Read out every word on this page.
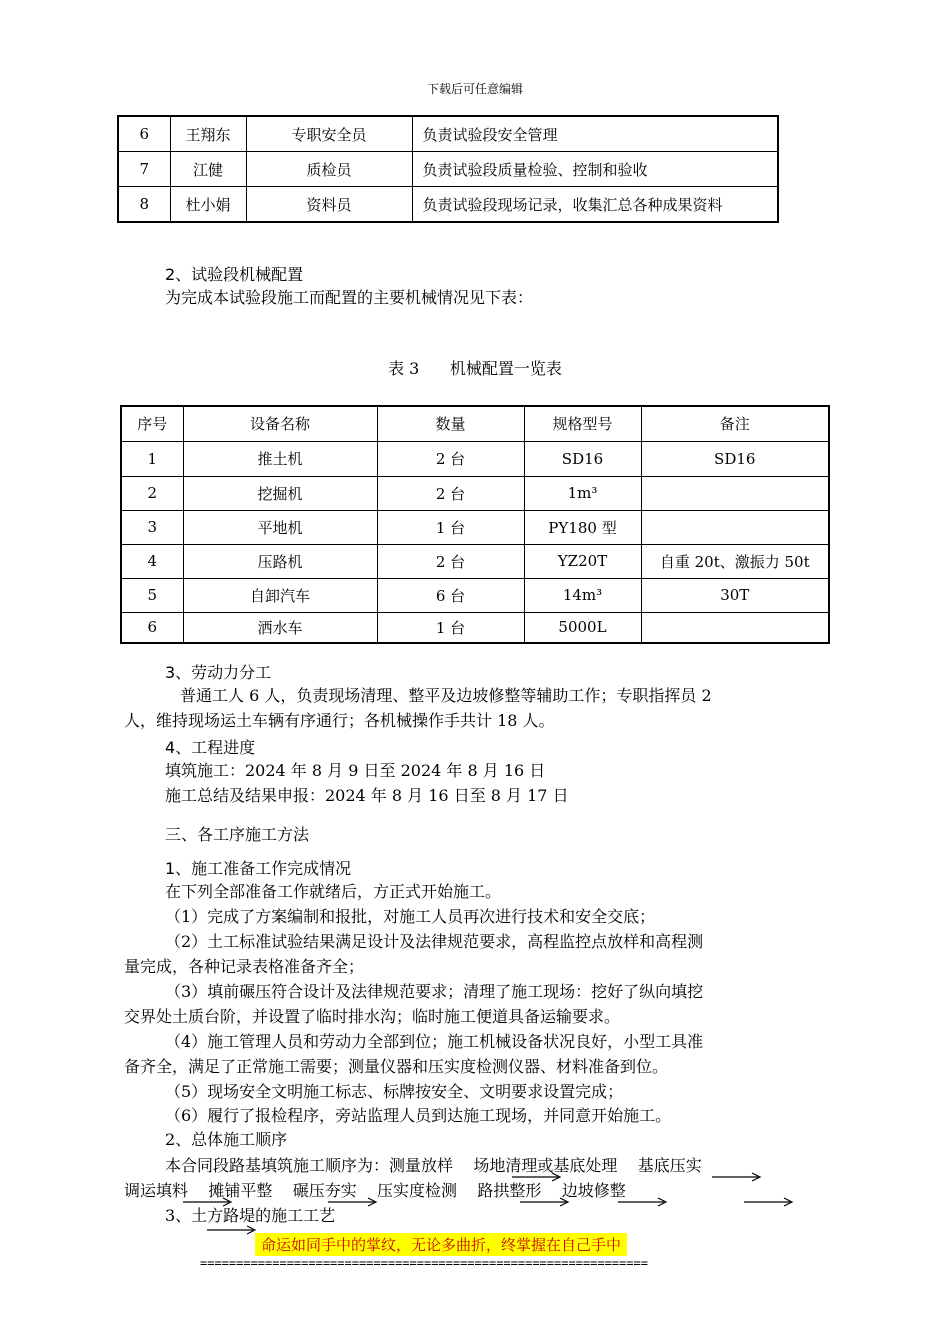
下载后可任意编辑
6	王翔东	专职安全员	负责试验段安全管理
7	江健	质检员	负责试验段质量检验、控制和验收
8	杜小娟	资料员	负责试验段现场记录，收集汇总各种成果资料
2、试验段机械配置
为完成本试验段施工而配置的主要机械情况见下表：
表 3      机械配置一览表
序号	设备名称	数量	规格型号	备注
1	推土机	2 台	SD16	SD16
2	挖掘机	2 台	1m³	
3	平地机	1 台	PY180 型	
4	压路机	2 台	YZ20T	自重 20t、激振力 50t
5	自卸汽车	6 台	14m³	30T
6	洒水车	1 台	5000L	
3、劳动力分工
普通工人 6 人，负责现场清理、整平及边坡修整等辅助工作；专职指挥员 2
人，维持现场运土车辆有序通行；各机械操作手共计 18 人。
4、工程进度
填筑施工：2024 年 8 月 9 日至 2024 年 8 月 16 日
施工总结及结果申报：2024 年 8 月 16 日至 8 月 17 日
三、各工序施工方法
1、施工准备工作完成情况
在下列全部准备工作就绪后，方正式开始施工。
（1）完成了方案编制和报批，对施工人员再次进行技术和安全交底；
（2）土工标准试验结果满足设计及法律规范要求，高程监控点放样和高程测
量完成，各种记录表格准备齐全；
（3）填前碾压符合设计及法律规范要求；清理了施工现场：挖好了纵向填挖
交界处土质台阶，并设置了临时排水沟；临时施工便道具备运输要求。
（4）施工管理人员和劳动力全部到位；施工机械设备状况良好，小型工具准
备齐全，满足了正常施工需要；测量仪器和压实度检测仪器、材料准备到位。
（5）现场安全文明施工标志、标牌按安全、文明要求设置完成；
（6）履行了报检程序，旁站监理人员到达施工现场，并同意开始施工。
2、总体施工顺序
本合同段路基填筑施工顺序为：测量放样    场地清理或基底处理    基底压实
调运填料    摊铺平整    碾压夯实    压实度检测    路拱整形    边坡修整
3、土方路堤的施工工艺
命运如同手中的掌纹，无论多曲折，终掌握在自己手中
==============================================================
